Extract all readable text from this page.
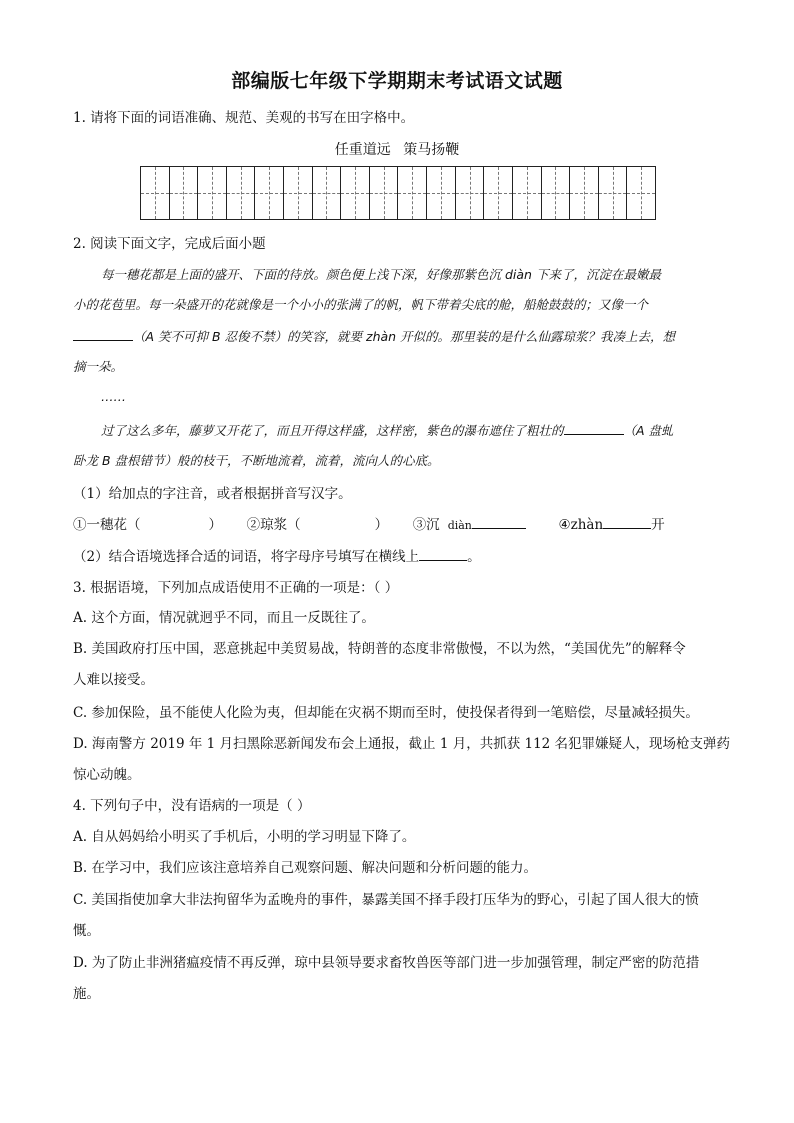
部编版七年级下学期期末考试语文试题
1. 请将下面的词语准确、规范、美观的书写在田字格中。
任重道远 策马扬鞭
2. 阅读下面文字，完成后面小题
每一穗花都是上面的盛开、下面的待放。颜色便上浅下深，好像那紫色沉 diàn 下来了，沉淀在最嫩最
小的花苞里。每一朵盛开的花就像是一个小小的张满了的帆，帆下带着尖底的舱，船舱鼓鼓的；又像一个
（A 笑不可抑 B 忍俊不禁）的笑容，就要 zhàn 开似的。那里装的是什么仙露琼浆？我凑上去，想
摘一朵。
……
过了这么多年，藤萝又开花了，而且开得这样盛，这样密，紫色的瀑布遮住了粗壮的	（A 盘虬
卧龙 B 盘根错节）般的枝干，不断地流着，流着，流向人的心底。
（1）给加点的字注音，或者根据拼音写汉字。
①一穗花（	） ②琼浆（	） ③沉 diàn	④zhàn	开
（2）结合语境选择合适的词语，将字母序号填写在横线上	。
3. 根据语境，下列加点成语使用不正确的一项是：（ ）
A. 这个方面，情况就迥乎不同，而且一反既往了。
B. 美国政府打压中国，恶意挑起中美贸易战，特朗普的态度非常傲慢，不以为然，“美国优先”的解释令
人难以接受。
C. 参加保险，虽不能使人化险为夷，但却能在灾祸不期而至时，使投保者得到一笔赔偿，尽量减轻损失。
D. 海南警方 2019 年 1 月扫黑除恶新闻发布会上通报，截止 1 月，共抓获 112 名犯罪嫌疑人，现场枪支弹药
惊心动魄。
4. 下列句子中，没有语病的一项是（ ）
A. 自从妈妈给小明买了手机后，小明的学习明显下降了。
B. 在学习中，我们应该注意培养自己观察问题、解决问题和分析问题的能力。
C. 美国指使加拿大非法拘留华为孟晚舟的事件，暴露美国不择手段打压华为的野心，引起了国人很大的愤
慨。
D. 为了防止非洲猪瘟疫情不再反弹，琼中县领导要求畜牧兽医等部门进一步加强管理，制定严密的防范措
施。
